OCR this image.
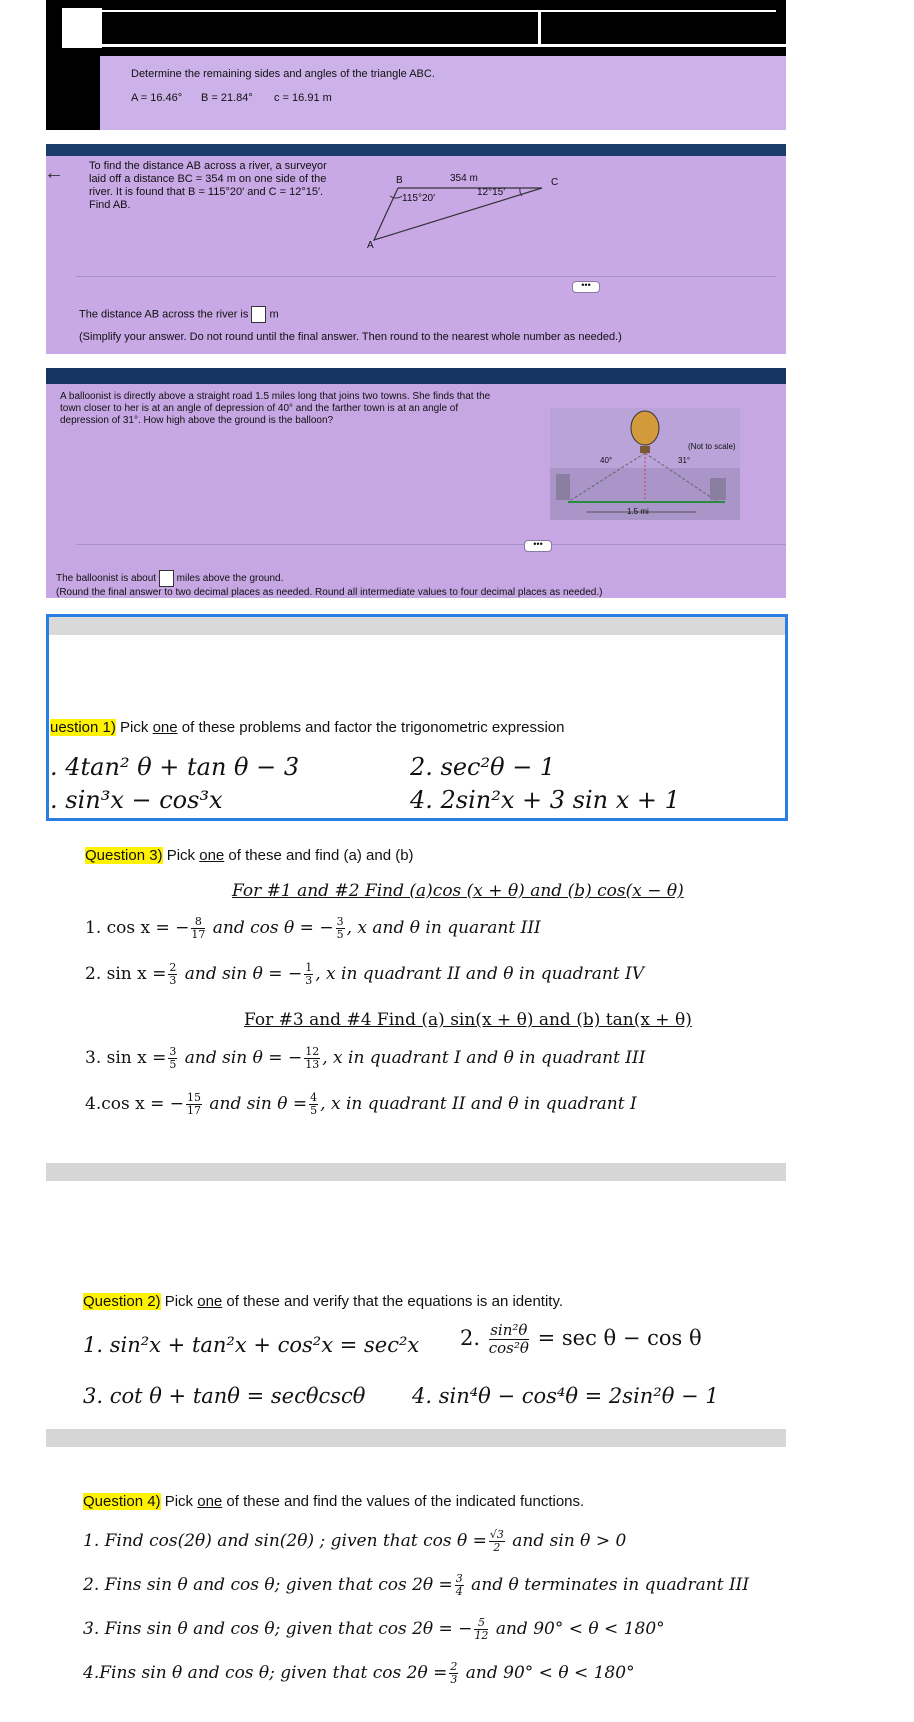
Determine the remaining sides and angles of the triangle ABC.
A = 16.46° B = 21.84° c = 16.91 m
← To find the distance AB across a river, a surveyor
laid off a distance BC = 354 m on one side of the
river. It is found that B = 115°20′ and C = 12°15′.
Find AB.
B	C
A
354 m
115°20′
12°15′
•••
The distance AB across the river is m
(Simplify your answer. Do not round until the final answer. Then round to the nearest whole number as needed.)
A balloonist is directly above a straight road 1.5 miles long that joins two towns. She finds that the
town closer to her is at an angle of depression of 40° and the farther town is at an angle of
depression of 31°. How high above the ground is the balloon?
(Not to scale)
40°	31°
1.5 mi
•••
The balloonist is about miles above the ground.
(Round the final answer to two decimal places as needed. Round all intermediate values to four decimal places as needed.)
uestion 1) Pick one of these problems and factor the trigonometric expression
. 4tan² θ + tan θ − 3	2. sec²θ − 1
. sin³x − cos³x	4. 2sin²x + 3 sin x + 1
Question 3) Pick one of these and find (a) and (b)
For #1 and #2 Find (a)cos (x + θ) and (b) cos(x − θ)
1. cos x = − $\frac{8}{17}$ and cos θ = − $\frac{3}{5}$ , x and θ in quarant III
2. $\sin x = \frac{2}{3}$ and sin θ = − $\frac{1}{3}$ , x in quadrant II and θ in quadrant IV
For #3 and #4 Find (a) sin(x + θ) and (b) tan(x + θ)
3. $\sin x = \frac{3}{5}$ and sin θ = − $\frac{12}{13}$ , x in quadrant I and θ in quadrant III
4.cos x = − $\frac{15}{17}$ and $\sin \theta = \frac{4}{5}$ , x in quadrant II and θ in quadrant I
Question 2) Pick one of these and verify that the equations is an identity.
1. sin²x + tan²x + cos²x = sec²x 2. $\frac{\text{sin²θ}}{\text{cos²θ}} = \sec \theta - \cos \theta$
3. cot θ + tanθ = secθcscθ 4. sin⁴θ − cos⁴θ = 2sin²θ − 1
Question 4) Pick one of these and find the values of the indicated functions.
1. Find cos(2θ) and sin(2θ) ; given that $\cos \theta = \frac{√3}{2}$ and sin θ > 0
2. Fins sin θ and cos θ; given that $\cos 2\theta = \frac{3}{4}$ and θ terminates in quadrant III
3. Fins sin θ and cos θ; given that cos 2θ = − $\frac{5}{12}$ and 90° < θ < 180°
4.Fins sin θ and cos θ; given that $\cos 2\theta = \frac{2}{3}$ and 90° < θ < 180°
